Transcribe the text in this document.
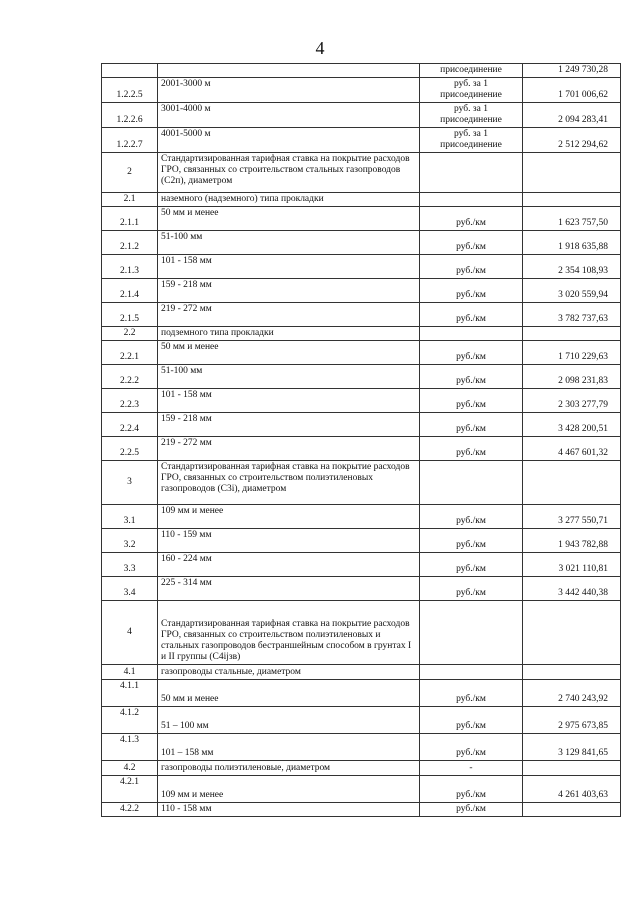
4
		присоединение	1 249 730,28
1.2.2.5	2001-3000 м	руб. за 1 присоединение	1 701 006,62
1.2.2.6	3001-4000 м	руб. за 1 присоединение	2 094 283,41
1.2.2.7	4001-5000 м	руб. за 1 присоединение	2 512 294,62
2	Стандартизированная тарифная ставка на покрытие расходов ГРО, связанных со строительством стальных газопроводов (C2п), диаметром		
2.1	наземного (надземного) типа прокладки		
2.1.1	50 мм и менее	руб./км	1 623 757,50
2.1.2	51-100 мм	руб./км	1 918 635,88
2.1.3	101 - 158 мм	руб./км	2 354 108,93
2.1.4	159 - 218 мм	руб./км	3 020 559,94
2.1.5	219 - 272 мм	руб./км	3 782 737,63
2.2	подземного типа прокладки		
2.2.1	50 мм и менее	руб./км	1 710 229,63
2.2.2	51-100 мм	руб./км	2 098 231,83
2.2.3	101 - 158 мм	руб./км	2 303 277,79
2.2.4	159 - 218 мм	руб./км	3 428 200,51
2.2.5	219 - 272 мм	руб./км	4 467 601,32
3	Стандартизированная тарифная ставка на покрытие расходов ГРО, связанных со строительством полиэтиленовых газопроводов (C3i), диаметром		
3.1	109 мм и менее	руб./км	3 277 550,71
3.2	110 - 159 мм	руб./км	1 943 782,88
3.3	160 - 224 мм	руб./км	3 021 110,81
3.4	225 - 314 мм	руб./км	3 442 440,38
4	Стандартизированная тарифная ставка на покрытие расходов ГРО, связанных со строительством полиэтиленовых и стальных газопроводов бестраншейным способом в грунтах I и II группы (C4ijзв)		
4.1	газопроводы стальные, диаметром		
4.1.1	50 мм и менее	руб./км	2 740 243,92
4.1.2	51 – 100 мм	руб./км	2 975 673,85
4.1.3	101 – 158 мм	руб./км	3 129 841,65
4.2	газопроводы полиэтиленовые, диаметром	-	
4.2.1	109 мм и менее	руб./км	4 261 403,63
4.2.2	110 - 158 мм	руб./км	
